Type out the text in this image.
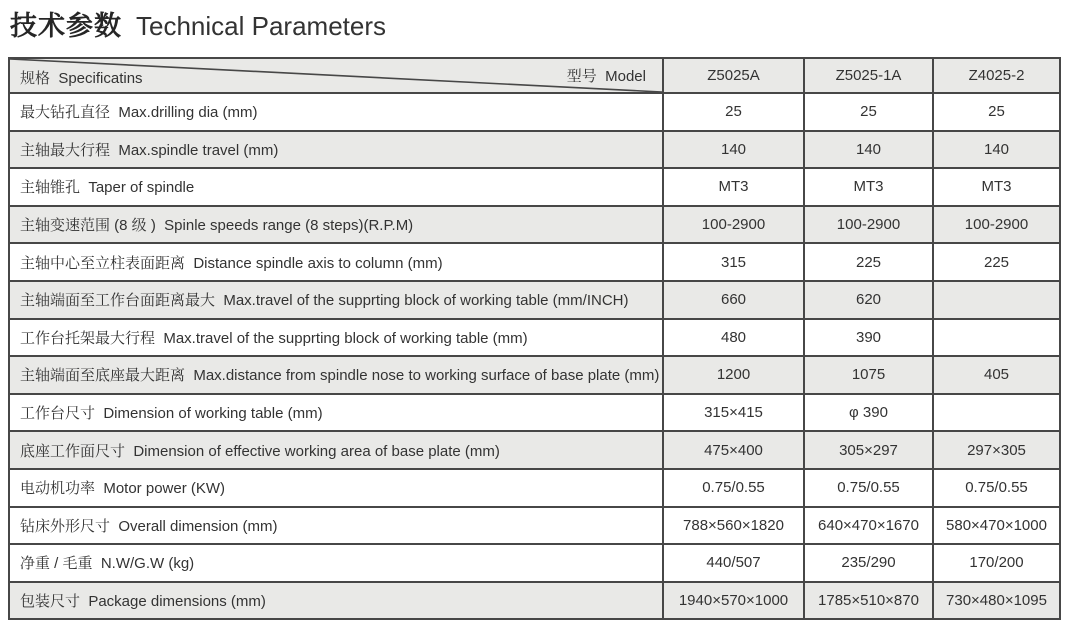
技术参数 Technical Parameters
规格  Specificatins 型号  Model	Z5025A	Z5025-1A	Z4025-2
最大钻孔直径  Max.drilling dia (mm)	25	25	25
主轴最大行程  Max.spindle travel (mm)	140	140	140
主轴锥孔  Taper of spindle	MT3	MT3	MT3
主轴变速范围 (8 级 )  Spinle speeds range (8 steps)(R.P.M)	100-2900	100-2900	100-2900
主轴中心至立柱表面距离  Distance spindle axis to column (mm)	315	225	225
主轴端面至工作台面距离最大  Max.travel of the supprting block of working table (mm/INCH)	660	620	
工作台托架最大行程  Max.travel of the supprting block of working table (mm)	480	390	
主轴端面至底座最大距离  Max.distance from spindle nose to working surface of base plate (mm)	1200	1075	405
工作台尺寸  Dimension of working table (mm)	315×415	φ 390	
底座工作面尺寸  Dimension of effective working area of base plate (mm)	475×400	305×297	297×305
电动机功率  Motor power (KW)	0.75/0.55	0.75/0.55	0.75/0.55
钻床外形尺寸  Overall dimension (mm)	788×560×1820	640×470×1670	580×470×1000
净重 / 毛重  N.W/G.W (kg)	440/507	235/290	170/200
包装尺寸  Package dimensions (mm)	1940×570×1000	1785×510×870	730×480×1095
